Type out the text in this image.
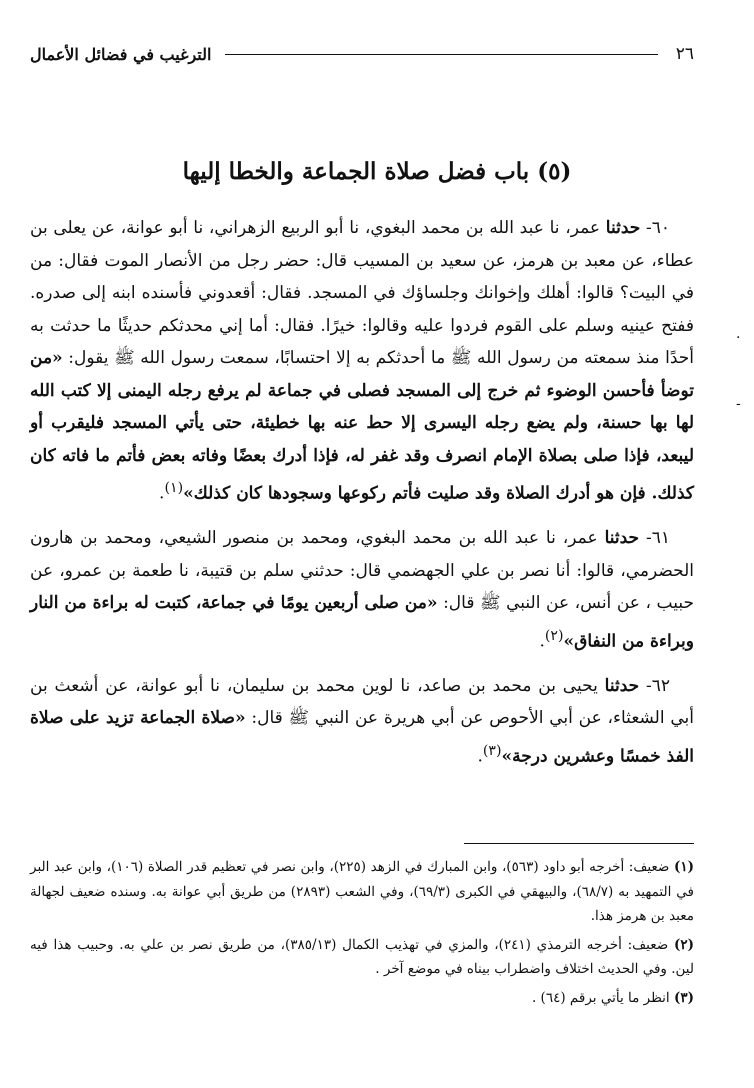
٢٦
الترغيب في فضائل الأعمال
(٥) باب فضل صلاة الجماعة والخطا إليها

٦٠- حدثنا عمر، نا عبد الله بن محمد البغوي، نا أبو الربيع الزهراني، نا أبو عوانة، عن يعلى بن عطاء، عن معبد بن هرمز، عن سعيد بن المسيب قال: حضر رجل من الأنصار الموت فقال: من في البيت؟ قالوا: أهلك وإخوانك وجلساؤك في المسجد. فقال: أقعدوني فأسنده ابنه إلى صدره. ففتح عينيه وسلم على القوم فردوا عليه وقالوا: خيرًا. فقال: أما إني محدثكم حديثًا ما حدثت به أحدًا منذ سمعته من رسول الله ﷺ ما أحدثكم به إلا احتسابًا، سمعت رسول الله ﷺ يقول: «من توضأ فأحسن الوضوء ثم خرج إلى المسجد فصلى في جماعة لم يرفع رجله اليمنى إلا كتب الله لها بها حسنة، ولم يضع رجله اليسرى إلا حط عنه بها خطيئة، حتى يأتي المسجد فليقرب أو ليبعد، فإذا صلى بصلاة الإمام انصرف وقد غفر له، فإذا أدرك بعضًا وفاته بعض فأتم ما فاته كان كذلك. فإن هو أدرك الصلاة وقد صليت فأتم ركوعها وسجودها كان كذلك»$^{(١)}$.

٦١- حدثنا عمر، نا عبد الله بن محمد البغوي، ومحمد بن منصور الشيعي، ومحمد بن هارون الحضرمي، قالوا: أنا نصر بن علي الجهضمي قال: حدثني سلم بن قتيبة، نا طعمة بن عمرو، عن حبيب ، عن أنس، عن النبي ﷺ قال: «من صلى أربعين يومًا في جماعة، كتبت له براءة من النار وبراءة من النفاق»$^{(٢)}$.

٦٢- حدثنا يحيى بن محمد بن صاعد، نا لوين محمد بن سليمان، نا أبو عوانة، عن أشعث بن أبي الشعثاء، عن أبي الأحوص عن أبي هريرة عن النبي ﷺ قال: «صلاة الجماعة تزيد على صلاة الفذ خمسًا وعشرين درجة»$^{(٣)}$.

(١) ضعيف: أخرجه أبو داود (٥٦٣)، وابن المبارك في الزهد (٢٢٥)، وابن نصر في تعظيم قدر الصلاة (١٠٦)، وابن عبد البر في التمهيد به (٦٨/٧)، والبيهقي في الكبرى (٦٩/٣)، وفي الشعب (٢٨٩٣) من طريق أبي عوانة به. وسنده ضعيف لجهالة معبد بن هرمز هذا.

(٢) ضعيف: أخرجه الترمذي (٢٤١)، والمزي في تهذيب الكمال (٣٨٥/١٣)، من طريق نصر بن علي به. وحبيب هذا فيه لين. وفي الحديث اختلاف واضطراب بيناه في موضع آخر .

(٣) انظر ما يأتي برقم (٦٤) .

·
-
